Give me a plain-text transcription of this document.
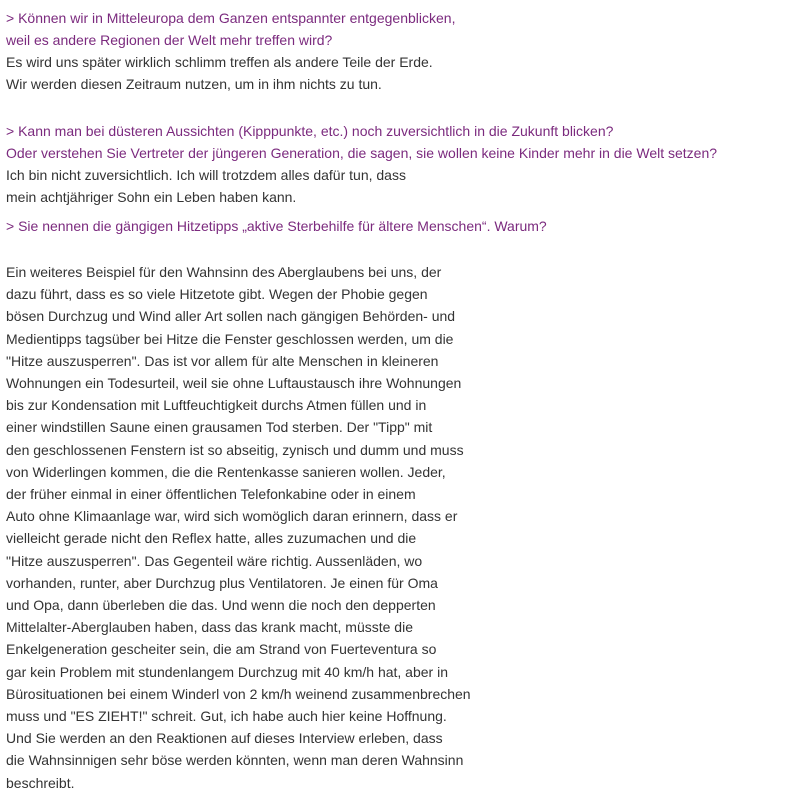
> Können wir in Mitteleuropa dem Ganzen entspannter entgegenblicken,
weil es andere Regionen der Welt mehr treffen wird?
Es wird uns später wirklich schlimm treffen als andere Teile der Erde.
Wir werden diesen Zeitraum nutzen, um in ihm nichts zu tun.
> Kann man bei düsteren Aussichten (Kipppunkte, etc.) noch zuversichtlich in die Zukunft blicken?
Oder verstehen Sie Vertreter der jüngeren Generation, die sagen, sie wollen keine Kinder mehr in die Welt setzen?
Ich bin nicht zuversichtlich. Ich will trotzdem alles dafür tun, dass
mein achtjähriger Sohn ein Leben haben kann.
> Sie nennen die gängigen Hitzetipps „aktive Sterbehilfe für ältere Menschen“. Warum?
Ein weiteres Beispiel für den Wahnsinn des Aberglaubens bei uns, der
dazu führt, dass es so viele Hitzetote gibt. Wegen der Phobie gegen
bösen Durchzug und Wind aller Art sollen nach gängigen Behörden- und
Medientipps tagsüber bei Hitze die Fenster geschlossen werden, um die
"Hitze auszusperren". Das ist vor allem für alte Menschen in kleineren
Wohnungen ein Todesurteil, weil sie ohne Luftaustausch ihre Wohnungen
bis zur Kondensation mit Luftfeuchtigkeit durchs Atmen füllen und in
einer windstillen Saune einen grausamen Tod sterben. Der "Tipp" mit
den geschlossenen Fenstern ist so abseitig, zynisch und dumm und muss
von Widerlingen kommen, die die Rentenkasse sanieren wollen. Jeder,
der früher einmal in einer öffentlichen Telefonkabine oder in einem
Auto ohne Klimaanlage war, wird sich womöglich daran erinnern, dass er
vielleicht gerade nicht den Reflex hatte, alles zuzumachen und die
"Hitze auszusperren". Das Gegenteil wäre richtig. Aussenläden, wo
vorhanden, runter, aber Durchzug plus Ventilatoren. Je einen für Oma
und Opa, dann überleben die das. Und wenn die noch den depperten
Mittelalter-Aberglauben haben, dass das krank macht, müsste die
Enkelgeneration gescheiter sein, die am Strand von Fuerteventura so
gar kein Problem mit stundenlangem Durchzug mit 40 km/h hat, aber in
Bürosituationen bei einem Winderl von 2 km/h weinend zusammenbrechen
muss und "ES ZIEHT!" schreit. Gut, ich habe auch hier keine Hoffnung.
Und Sie werden an den Reaktionen auf dieses Interview erleben, dass
die Wahnsinnigen sehr böse werden könnten, wenn man deren Wahnsinn
beschreibt.
